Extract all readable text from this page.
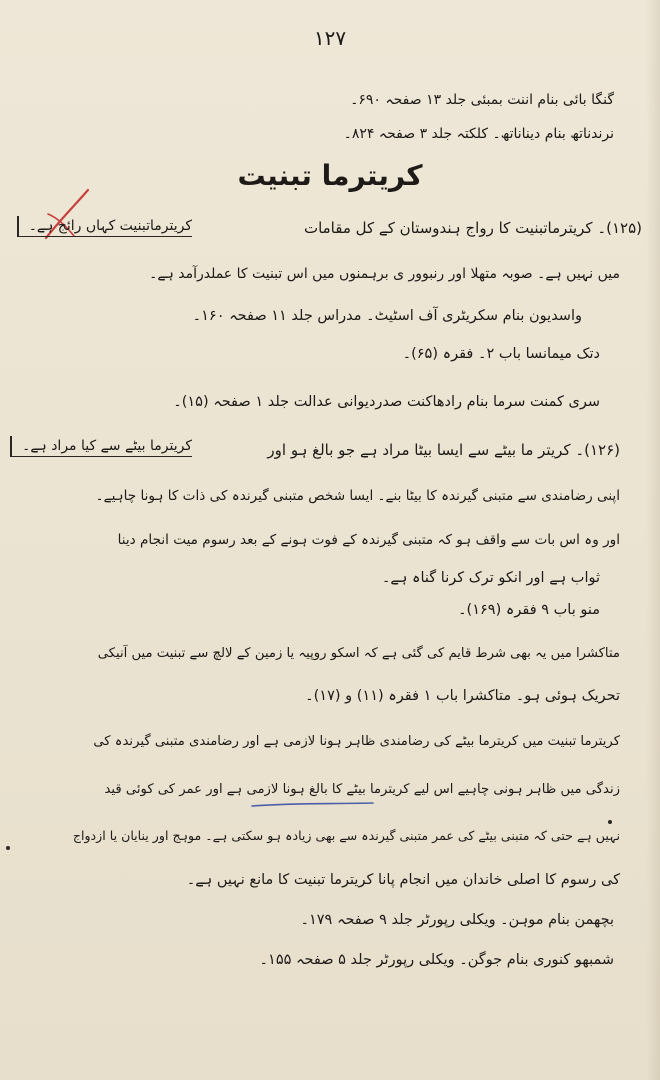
۱۲۷
گنگا بائی بنام اننت بمبئی جلد ۱۳ صفحہ ۶۹۰۔
نرندناتھ بنام دیناناتھ۔ کلکتہ جلد ۳ صفحہ ۸۲۴۔
کریترما تبنیت
کریترماتبنیت کہاں رائج ہے۔	(۱۲۵)۔ کریترماتبنیت کا رواج ہندوستان کے کل مقامات
میں نہیں ہے۔ صوبہ متھلا اور رنبوور ی برہمنوں میں اس تبنیت کا عملدرآمد ہے۔
واسدیون بنام سکریٹری آف اسٹیٹ۔ مدراس جلد ۱۱ صفحہ ۱۶۰۔
دتک میمانسا باب ۲۔ فقرہ (۶۵)۔
سری کمنت سرما بنام رادھاکنت صدردیوانی عدالت جلد ۱ صفحہ (۱۵)۔
کریترما بیٹے سے کیا مراد ہے۔	(۱۲۶)۔ کریتر ما بیٹے سے ایسا بیٹا مراد ہے جو بالغ ہو اور
اپنی رضامندی سے متبنی گیرندہ کا بیٹا بنے۔ ایسا شخص متبنی گیرندہ کی ذات کا ہونا چاہیے۔
اور وہ اس بات سے واقف ہو کہ متبنی گیرندہ کے فوت ہونے کے بعد رسوم میت انجام دینا
ثواب ہے اور انکو ترک کرنا گناہ ہے۔
منو باب ۹ فقرہ (۱۶۹)۔
متاکشرا میں یہ بھی شرط قایم کی گئی ہے کہ اسکو روپیہ یا زمین کے لالچ سے تبنیت میں آنیکی
تحریک ہوئی ہو۔ متاکشرا باب ۱ فقرہ (۱۱) و (۱۷)۔
کریترما تبنیت میں کریترما بیٹے کی رضامندی ظاہر ہونا لازمی ہے اور رضامندی متبنی گیرندہ کی
زندگی میں ظاہر ہونی چاہیے اس لیے کریترما بیٹے کا بالغ ہونا لازمی ہے اور عمر کی کوئی قید
نہیں ہے حتی کہ متبنی بیٹے کی عمر متبنی گیرندہ سے بھی زیادہ ہو سکتی ہے۔ موہج اور ینایان یا ازدواج
کی رسوم کا اصلی خاندان میں انجام پانا کریترما تبنیت کا مانع نہیں ہے۔
بچھمن بنام موہن۔ ویکلی رپورٹر جلد ۹ صفحہ ۱۷۹۔
شمبھو کنوری بنام جوگن۔ ویکلی رپورٹر جلد ۵ صفحہ ۱۵۵۔
